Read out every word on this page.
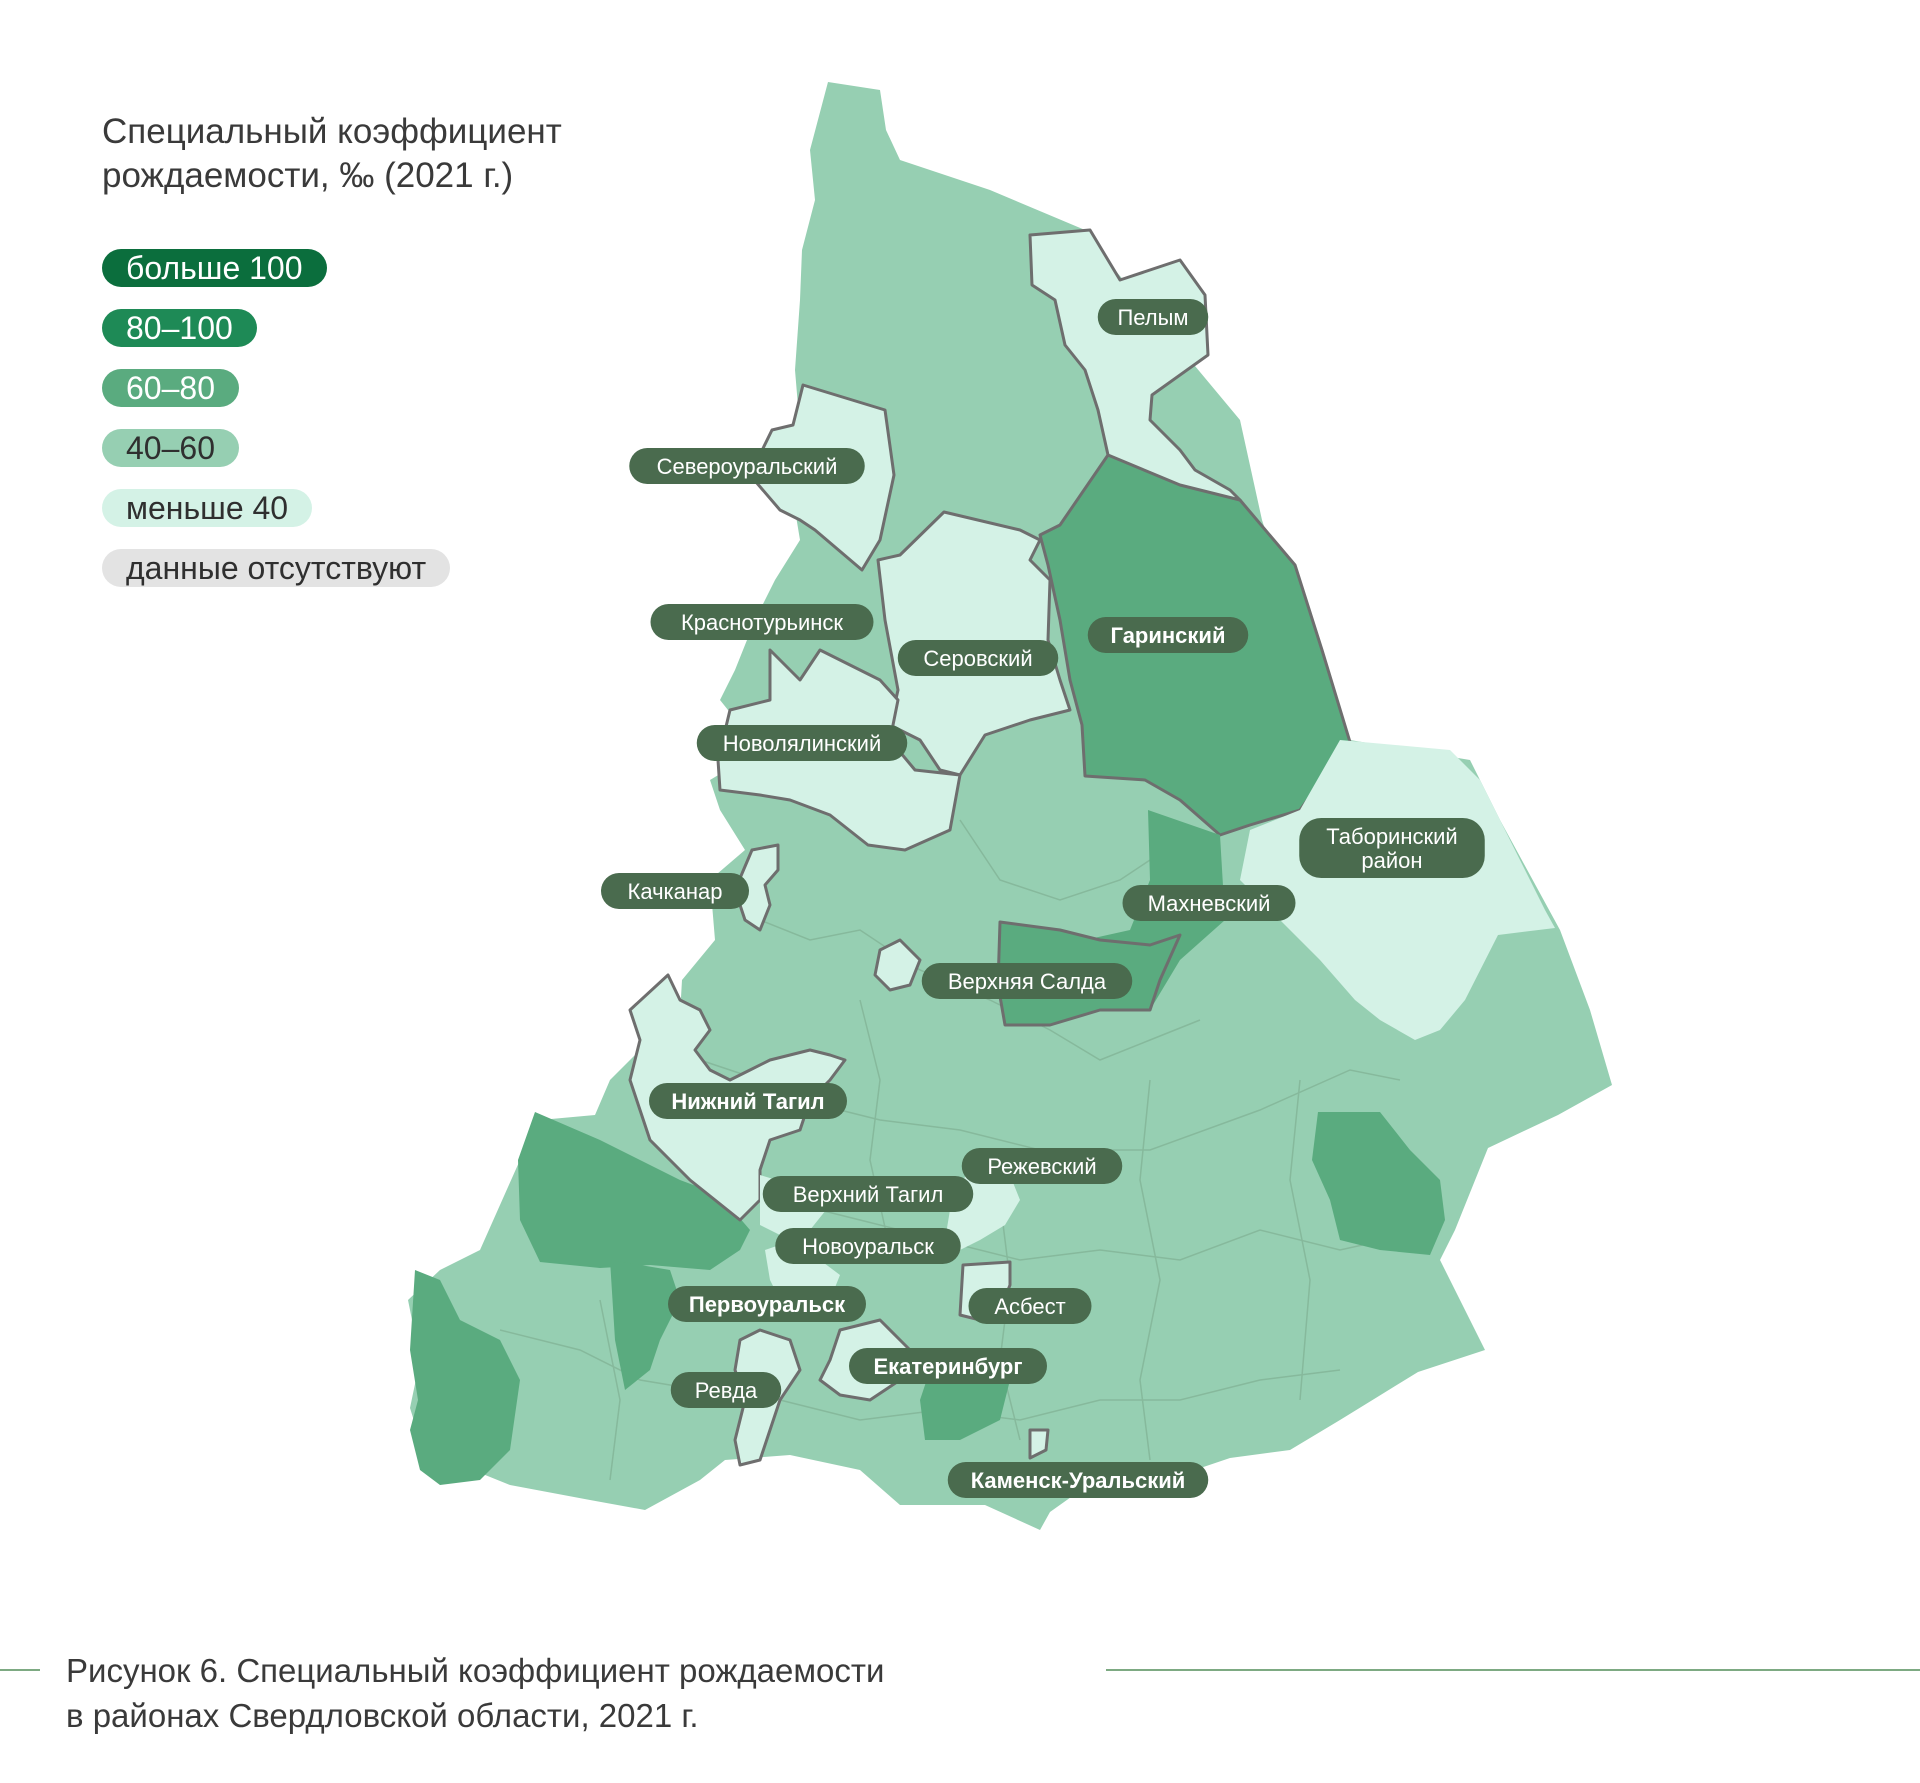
Специальный коэффициент
рождаемости, ‰ (2021 г.)
больше 100
80–100
60–80
40–60
меньше 40
данные отсутствуют
Пелым
Североуральский
Краснотурьинск
Серовский
Гаринский
Новолялинский
Таборинский
район
Качканар	Махневский
Верхняя Салда
Нижний Тагил
Режевский
Верхний Тагил
Новоуральск
Первоуральск	Асбест
Екатеринбург
Ревда
Каменск-Уральский
Рисунок 6. Специальный коэффициент рождаемости
в районах Свердловской области, 2021 г.
